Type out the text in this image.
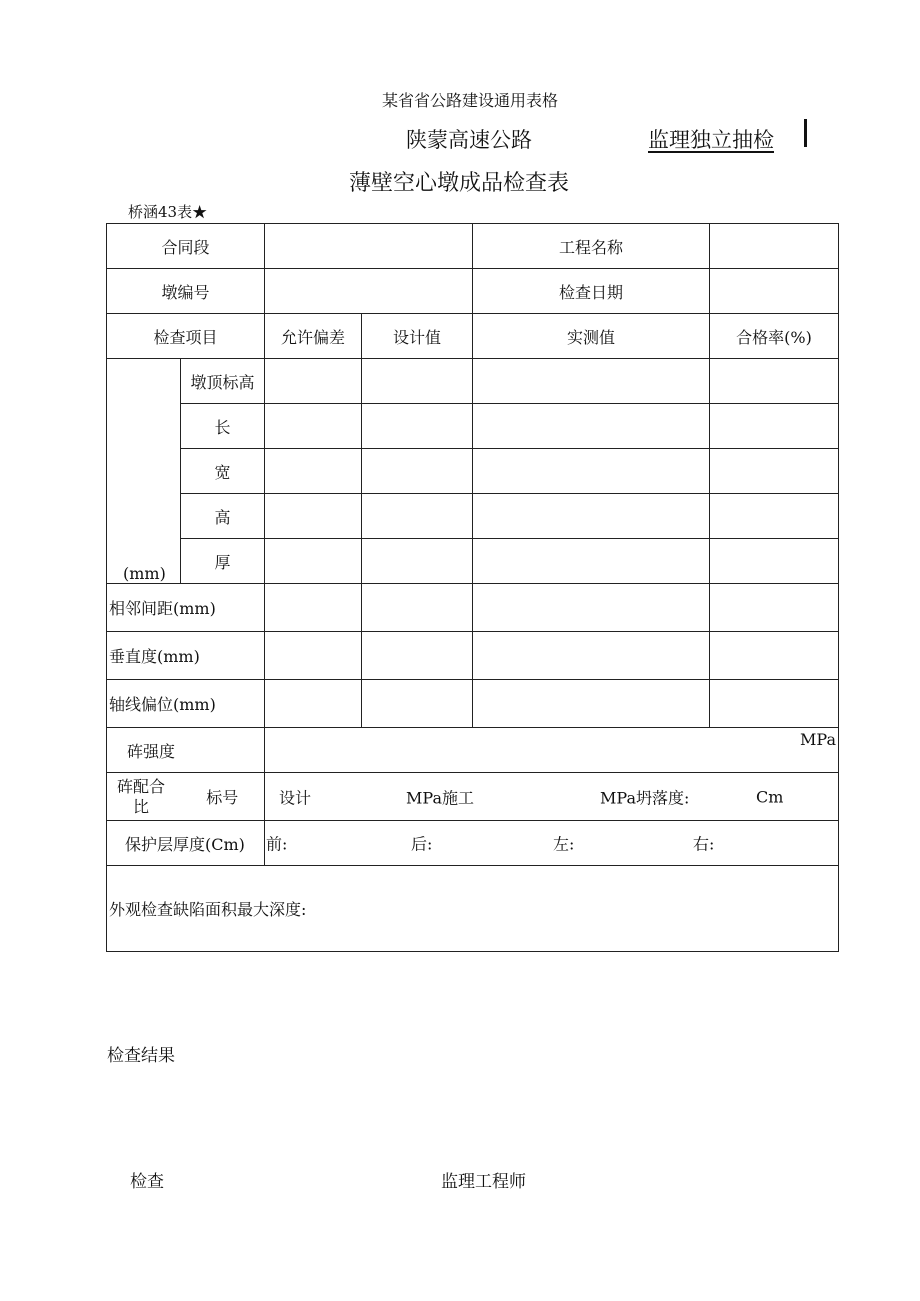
某省省公路建设通用表格
陕蒙高速公路	监理独立抽检
薄壁空心墩成品检查表
桥涵43表★
合同段				工程名称	
墩编号				检查日期	
检查项目		允许偏差	设计值	实测值	合格率(%)

(mm)	墩顶标高				
	长				
	宽				
	高				
	厚				
相邻间距(mm)					
垂直度(mm)					
轴线偏位(mm)					
砗强度		MPa			

砗配合比	标号	设计 MPa施工 MPa坍落度: Cm			

保护层厚度(Cm)		前: 后: 左: 右:			

外观检查缺陷面积最大深度:					
检查结果
检查	监理工程师
